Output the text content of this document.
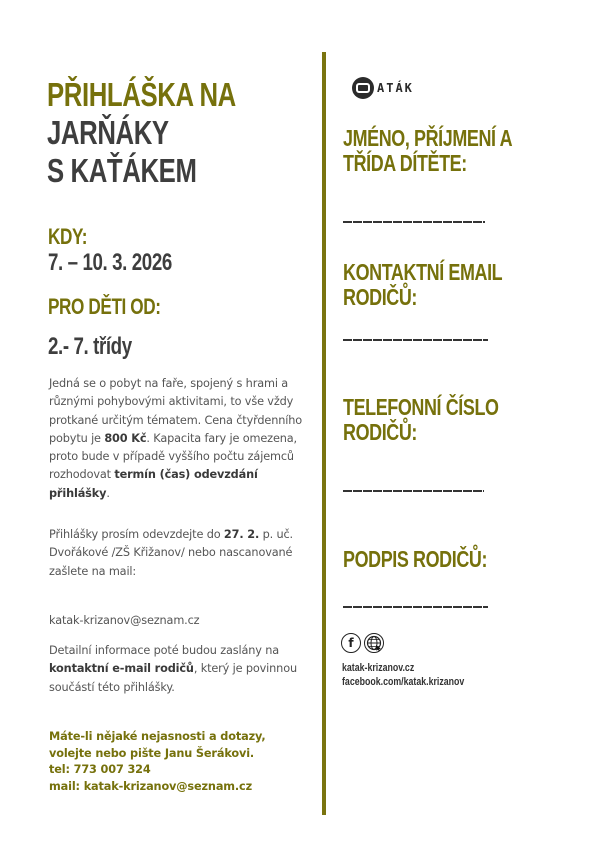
PŘIHLÁŠKA NA
JARŇÁKY
S KAŤÁKEM
KDY:
7. – 10. 3. 2026
PRO DĚTI OD:
2.- 7. třídy
Jedná se o pobyt na faře, spojený s hrami a různými pohybovými aktivitami, to vše vždy protkané určitým tématem. Cena čtyřdenního pobytu je 800 Kč. Kapacita fary je omezena, proto bude v případě vyššího počtu zájemců rozhodovat termín (čas) odevzdání přihlášky.
Přihlášky prosím odevzdejte do 27. 2. p. uč. Dvořákové /ZŠ Křižanov/ nebo nascanované zašlete na mail:
katak-krizanov@seznam.cz
Detailní informace poté budou zaslány na kontaktní e-mail rodičů, který je povinnou součástí této přihlášky.
Máte-li nějaké nejasnosti a dotazy,
volejte nebo pište Janu Šerákovi.
tel: 773 007 324
mail: katak-krizanov@seznam.cz
ATÁK
JMÉNO, PŘÍJMENÍ A
TŘÍDA DÍTĚTE:
KONTAKTNÍ EMAIL
RODIČŮ:
TELEFONNÍ ČÍSLO
RODIČŮ:
PODPIS RODIČŮ:
f
katak-krizanov.cz
facebook.com/katak.krizanov
